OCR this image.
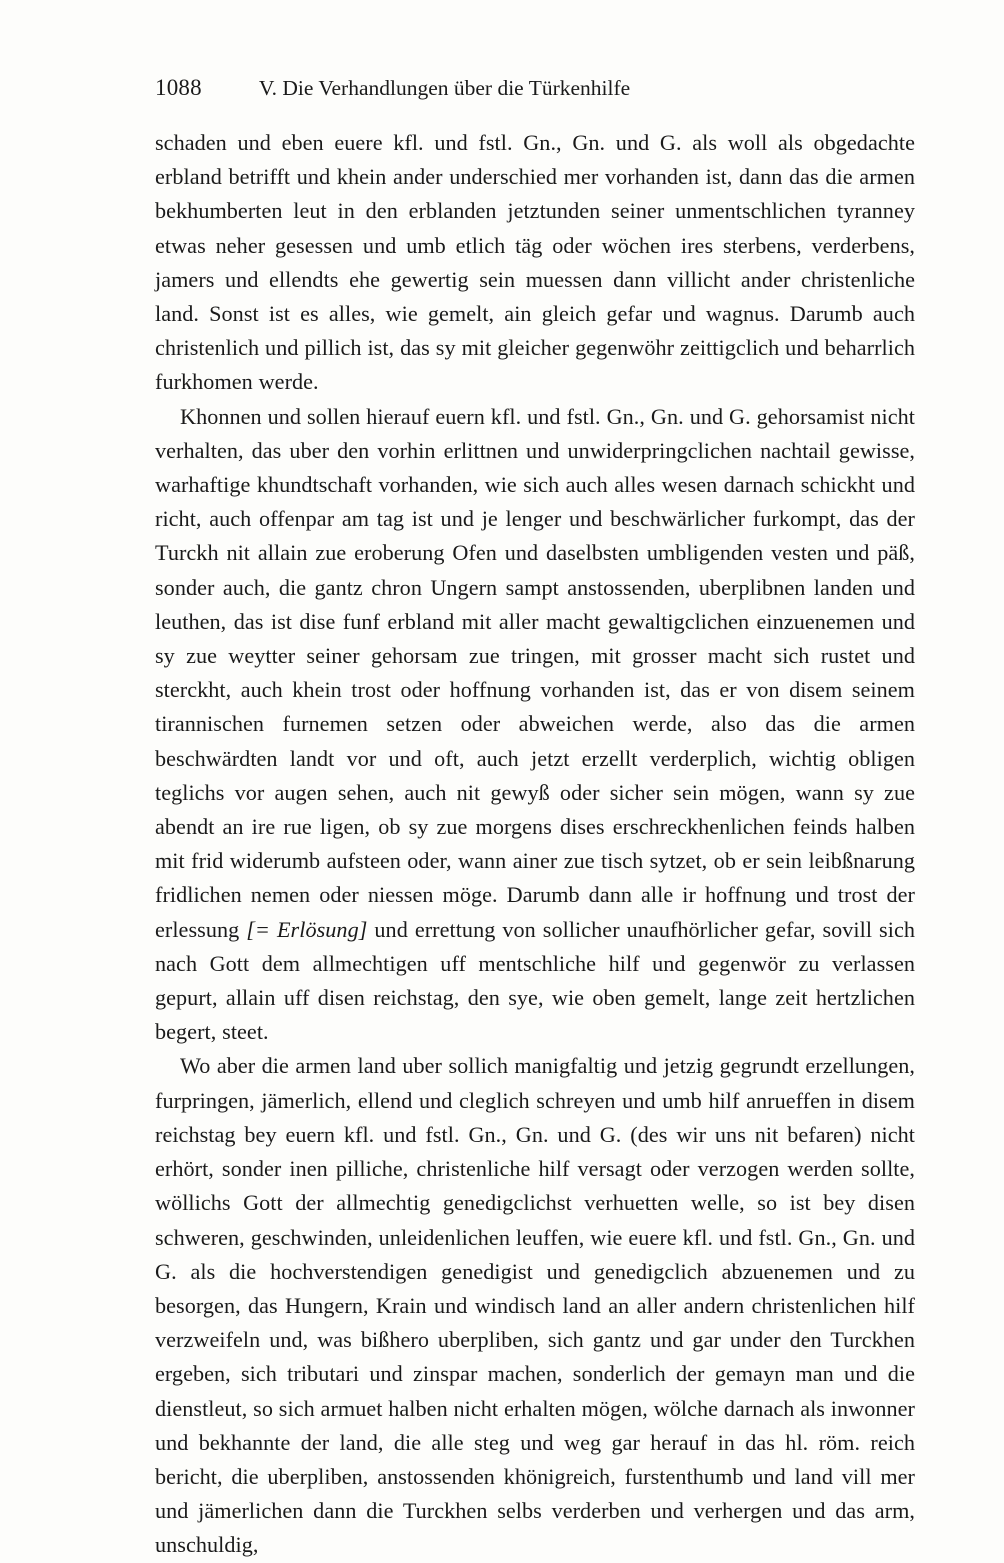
1088	V. Die Verhandlungen über die Türkenhilfe

schaden und eben euere kfl. und fstl. Gn., Gn. und G. als woll als obgedachte erbland betrifft und khein ander underschied mer vorhanden ist, dann das die armen bekhumberten leut in den erblanden jetztunden seiner unmentschlichen tyranney etwas neher gesessen und umb etlich täg oder wöchen ires sterbens, verderbens, jamers und ellendts ehe gewertig sein muessen dann villicht ander christenliche land. Sonst ist es alles, wie gemelt, ain gleich gefar und wagnus. Darumb auch christenlich und pillich ist, das sy mit gleicher gegenwöhr zeittigclich und beharrlich furkhomen werde.

Khonnen und sollen hierauf euern kfl. und fstl. Gn., Gn. und G. gehorsamist nicht verhalten, das uber den vorhin erlittnen und unwiderpringclichen nachtail gewisse, warhaftige khundtschaft vorhanden, wie sich auch alles wesen darnach schickht und richt, auch offenpar am tag ist und je lenger und beschwärlicher furkompt, das der Turckh nit allain zue eroberung Ofen und daselbsten umbligenden vesten und päß, sonder auch, die gantz chron Ungern sampt anstossenden, uberplibnen landen und leuthen, das ist dise funf erbland mit aller macht gewaltigclichen einzuenemen und sy zue weytter seiner gehorsam zue tringen, mit grosser macht sich rustet und sterckht, auch khein trost oder hoffnung vorhanden ist, das er von disem seinem tirannischen furnemen setzen oder abweichen werde, also das die armen beschwärdten landt vor und oft, auch jetzt erzellt verderplich, wichtig obligen teglichs vor augen sehen, auch nit gewyß oder sicher sein mögen, wann sy zue abendt an ire rue ligen, ob sy zue morgens dises erschreckhenlichen feinds halben mit frid widerumb aufsteen oder, wann ainer zue tisch sytzet, ob er sein leibßnarung fridlichen nemen oder niessen möge. Darumb dann alle ir hoffnung und trost der erlessung [= Erlösung] und errettung von sollicher unaufhörlicher gefar, sovill sich nach Gott dem allmechtigen uff mentschliche hilf und gegenwör zu verlassen gepurt, allain uff disen reichstag, den sye, wie oben gemelt, lange zeit hertzlichen begert, steet.

Wo aber die armen land uber sollich manigfaltig und jetzig gegrundt erzellungen, furpringen, jämerlich, ellend und cleglich schreyen und umb hilf anrueffen in disem reichstag bey euern kfl. und fstl. Gn., Gn. und G. (des wir uns nit befaren) nicht erhört, sonder inen pilliche, christenliche hilf versagt oder verzogen werden sollte, wöllichs Gott der allmechtig genedigclichst verhuetten welle, so ist bey disen schweren, geschwinden, unleidenlichen leuffen, wie euere kfl. und fstl. Gn., Gn. und G. als die hochverstendigen genedigist und genedigclich abzuenemen und zu besorgen, das Hungern, Krain und windisch land an aller andern christenlichen hilf verzweifeln und, was bißhero uberpliben, sich gantz und gar under den Turckhen ergeben, sich tributari und zinspar machen, sonderlich der gemayn man und die dienstleut, so sich armuet halben nicht erhalten mögen, wölche darnach als inwonner und bekhannte der land, die alle steg und weg gar herauf in das hl. röm. reich bericht, die uberpliben, anstossenden khönigreich, furstenthumb und land vill mer und jämerlichen dann die Turckhen selbs verderben und verhergen und das arm, unschuldig,
